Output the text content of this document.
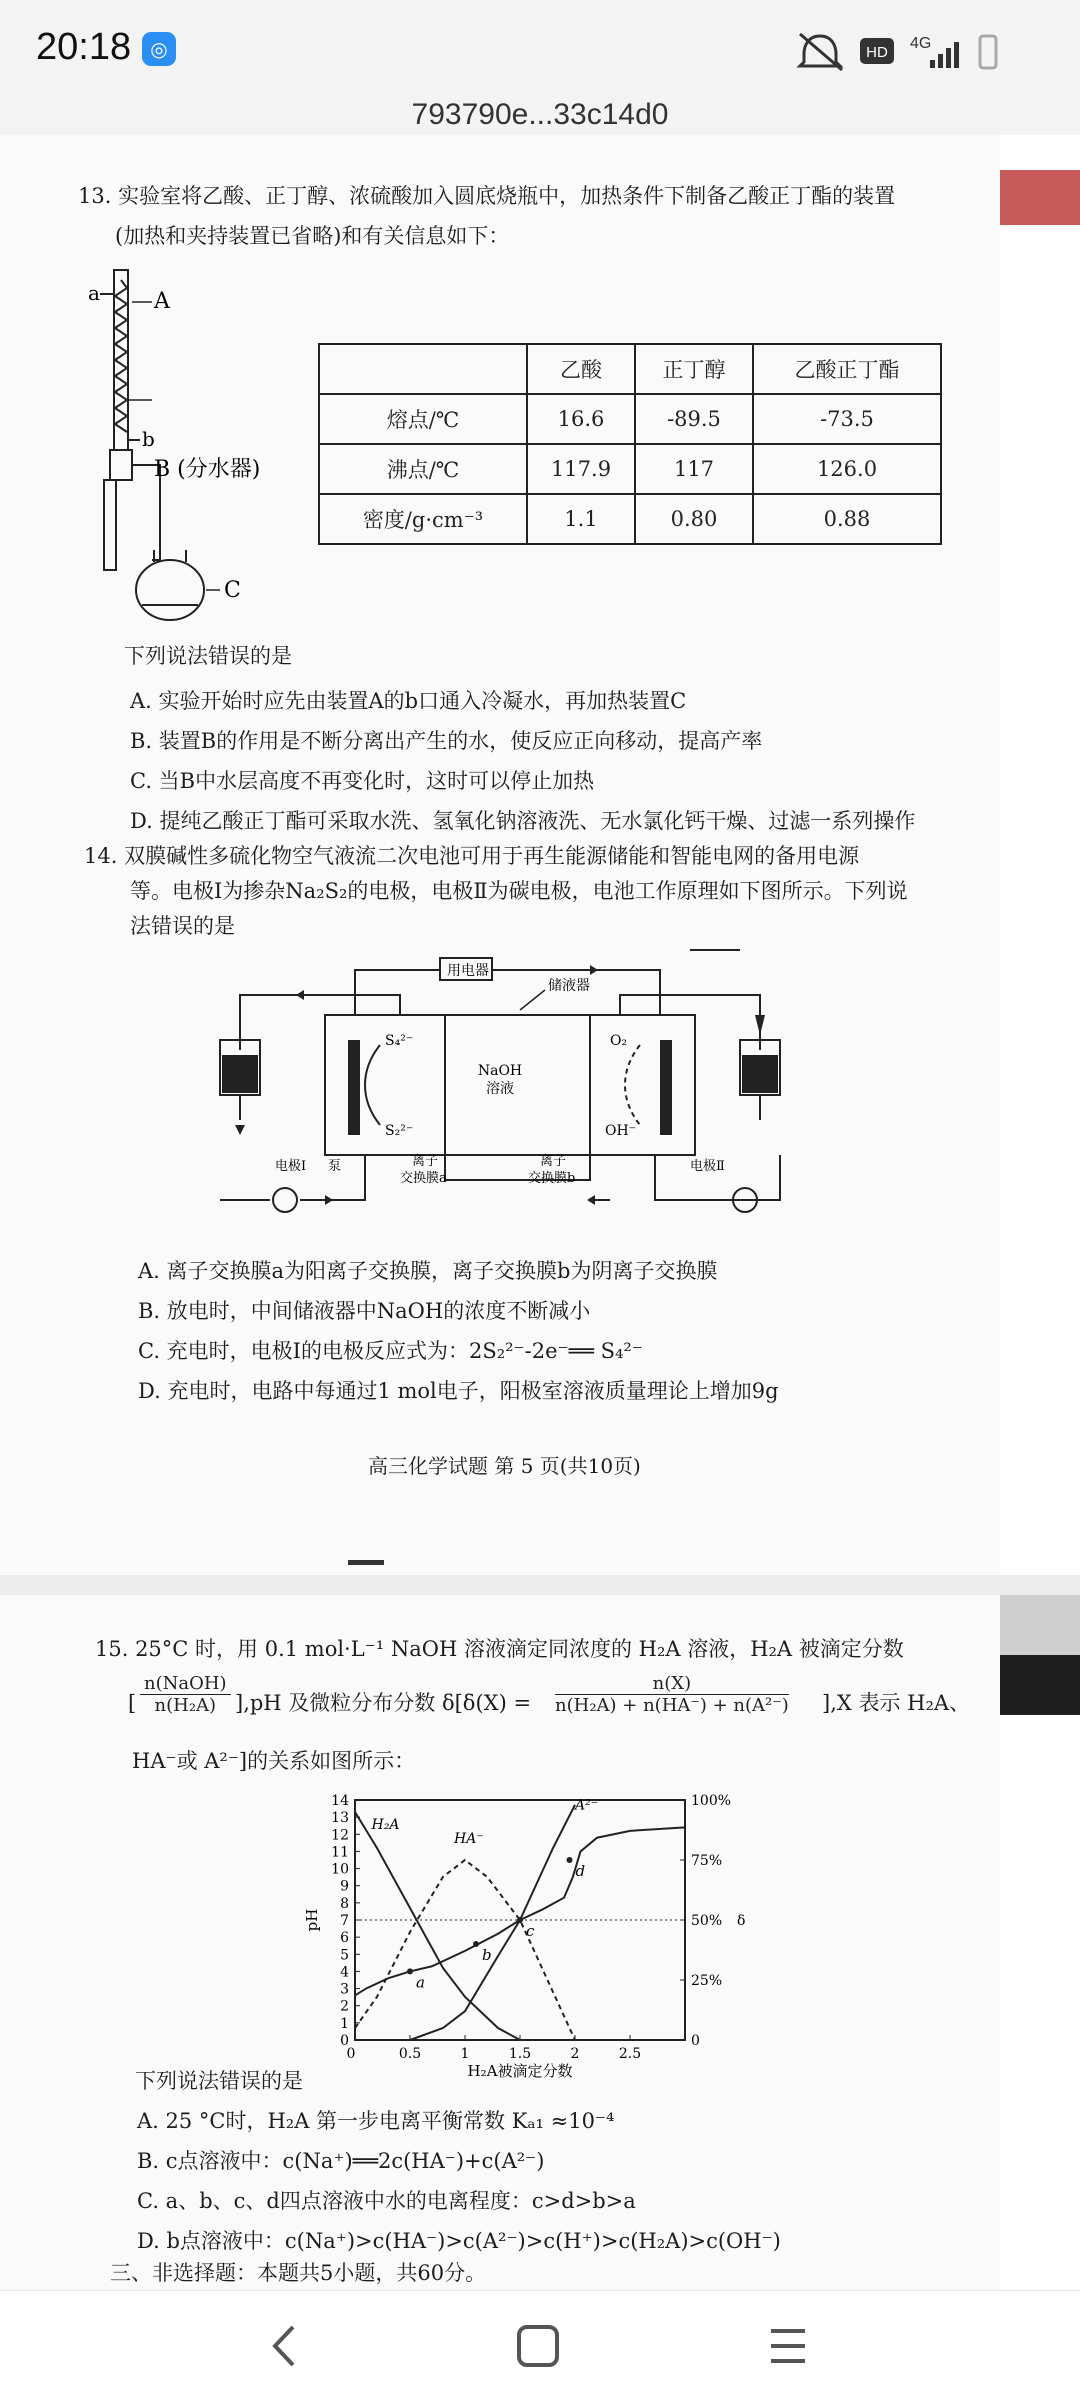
20:18 ◎	HD
4G
793790e...33c14d0
13. 实验室将乙酸、正丁醇、浓硫酸加入圆底烧瓶中，加热条件下制备乙酸正丁酯的装置
(加热和夹持装置已省略)和有关信息如下：
a A
b
B (分水器)
C
	乙酸	正丁醇	乙酸正丁酯
熔点/℃	16.6	-89.5	-73.5
沸点/℃	117.9	117	126.0
密度/g·cm⁻³	1.1	0.80	0.88
下列说法错误的是
A. 实验开始时应先由装置A的b口通入冷凝水，再加热装置C
B. 装置B的作用是不断分离出产生的水，使反应正向移动，提高产率
C. 当B中水层高度不再变化时，这时可以停止加热
D. 提纯乙酸正丁酯可采取水洗、氢氧化钠溶液洗、无水氯化钙干燥、过滤一系列操作
14. 双膜碱性多硫化物空气液流二次电池可用于再生能源储能和智能电网的备用电源
等。电极Ⅰ为掺杂Na₂S₂的电极，电极Ⅱ为碳电极，电池工作原理如下图所示。下列说
法错误的是
用电器
储液器
NaOH
溶液
S₄²⁻
S₂²⁻
O₂
OH⁻
电极Ⅰ 泵	离子
交换膜a
离子
交换膜b
电极Ⅱ
A. 离子交换膜a为阳离子交换膜，离子交换膜b为阴离子交换膜
B. 放电时，中间储液器中NaOH的浓度不断减小
C. 充电时，电极Ⅰ的电极反应式为：2S₂²⁻-2e⁻══ S₄²⁻
D. 充电时，电路中每通过1 mol电子，阳极室溶液质量理论上增加9g
高三化学试题 第 5 页(共10页)
15. 25°C 时，用 0.1 mol·L⁻¹ NaOH 溶液滴定同浓度的 H₂A 溶液，H₂A 被滴定分数
[
n(NaOH)
n(H₂A) ],pH 及微粒分布分数 $\delta[\delta(X) = \frac{n(X)}{\text{n(H₂A) + n(HA⁻) + n(A²⁻)}} ],X$ 表示 H₂A、
HA⁻或 A²⁻]的关系如图所示：
0
1
2
3
4
5
6
7
8
9
10
11
12
13
14
0
25%
50%
75%
100%
0.5	1	1.5	2	2.5
0
H₂A被滴定分数
pH	δ
H₂A
HA⁻
A²⁻
a
b
c
d
下列说法错误的是
A. 25 °C时，H₂A 第一步电离平衡常数 Kₐ₁ ≈10⁻⁴
B. c点溶液中：c(Na⁺)══2c(HA⁻)+c(A²⁻)
C. a、b、c、d四点溶液中水的电离程度：c>d>b>a
D. b点溶液中：c(Na⁺)>c(HA⁻)>c(A²⁻)>c(H⁺)>c(H₂A)>c(OH⁻)
三、非选择题：本题共5小题，共60分。
